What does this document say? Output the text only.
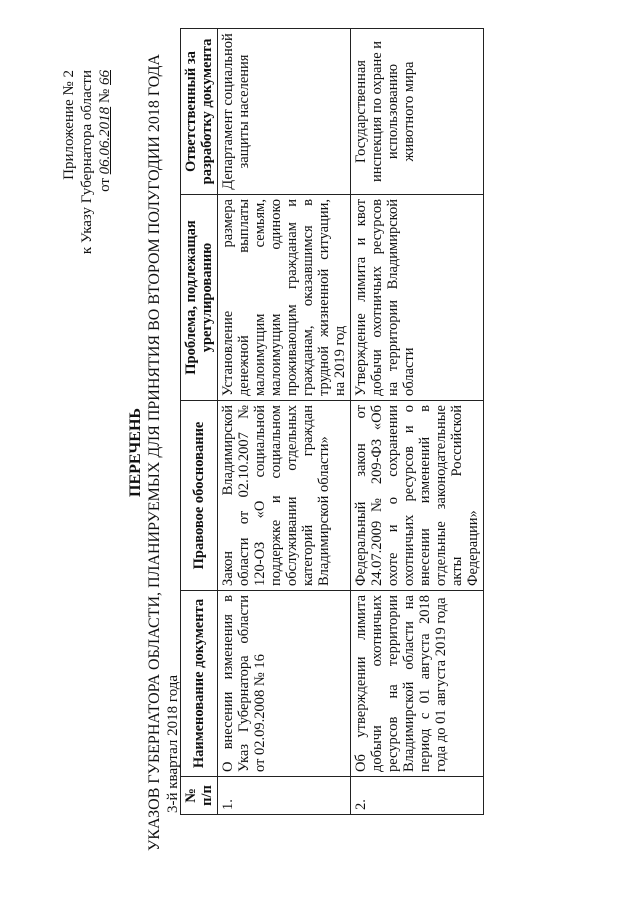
Приложение № 2 к Указу Губернатора области от 06.06.2018 № 66
ПЕРЕЧЕНЬ УКАЗОВ ГУБЕРНАТОРА ОБЛАСТИ, ПЛАНИРУЕМЫХ ДЛЯ ПРИНЯТИЯ ВО ВТОРОМ ПОЛУГОДИИ 2018 ГОДА 3-й квартал 2018 года № п/п	Наименование документа	Правовое обоснование	Проблема, подлежащая урегулированию	Ответственный за разработку документа
1.	О внесении изменения в Указ Губернатора области от 02.09.2008 № 16	Закон Владимирской области от 02.10.2007 № 120-ОЗ «О социальной поддержке и социальном обслуживании отдельных категорий граждан Владимирской области»	Установление размера денежной выплаты малоимущим семьям, малоимущим одиноко проживающим гражданам и гражданам, оказавшимся в трудной жизненной ситуации, на 2019 год	Департамент социальной защиты населения
2.	Об утверждении лимита добычи охотничьих ресурсов на территории Владимирской области на период с 01 августа 2018 года до 01 августа 2019 года	Федеральный закон от 24.07.2009 № 209-ФЗ «Об охоте и о сохранении охотничьих ресурсов и о внесении изменений в отдельные законодательные акты Российской Федерации»	Утверждение лимита и квот добычи охотничьих ресурсов на территории Владимирской области	Государственная инспекция по охране и использованию животного мира
